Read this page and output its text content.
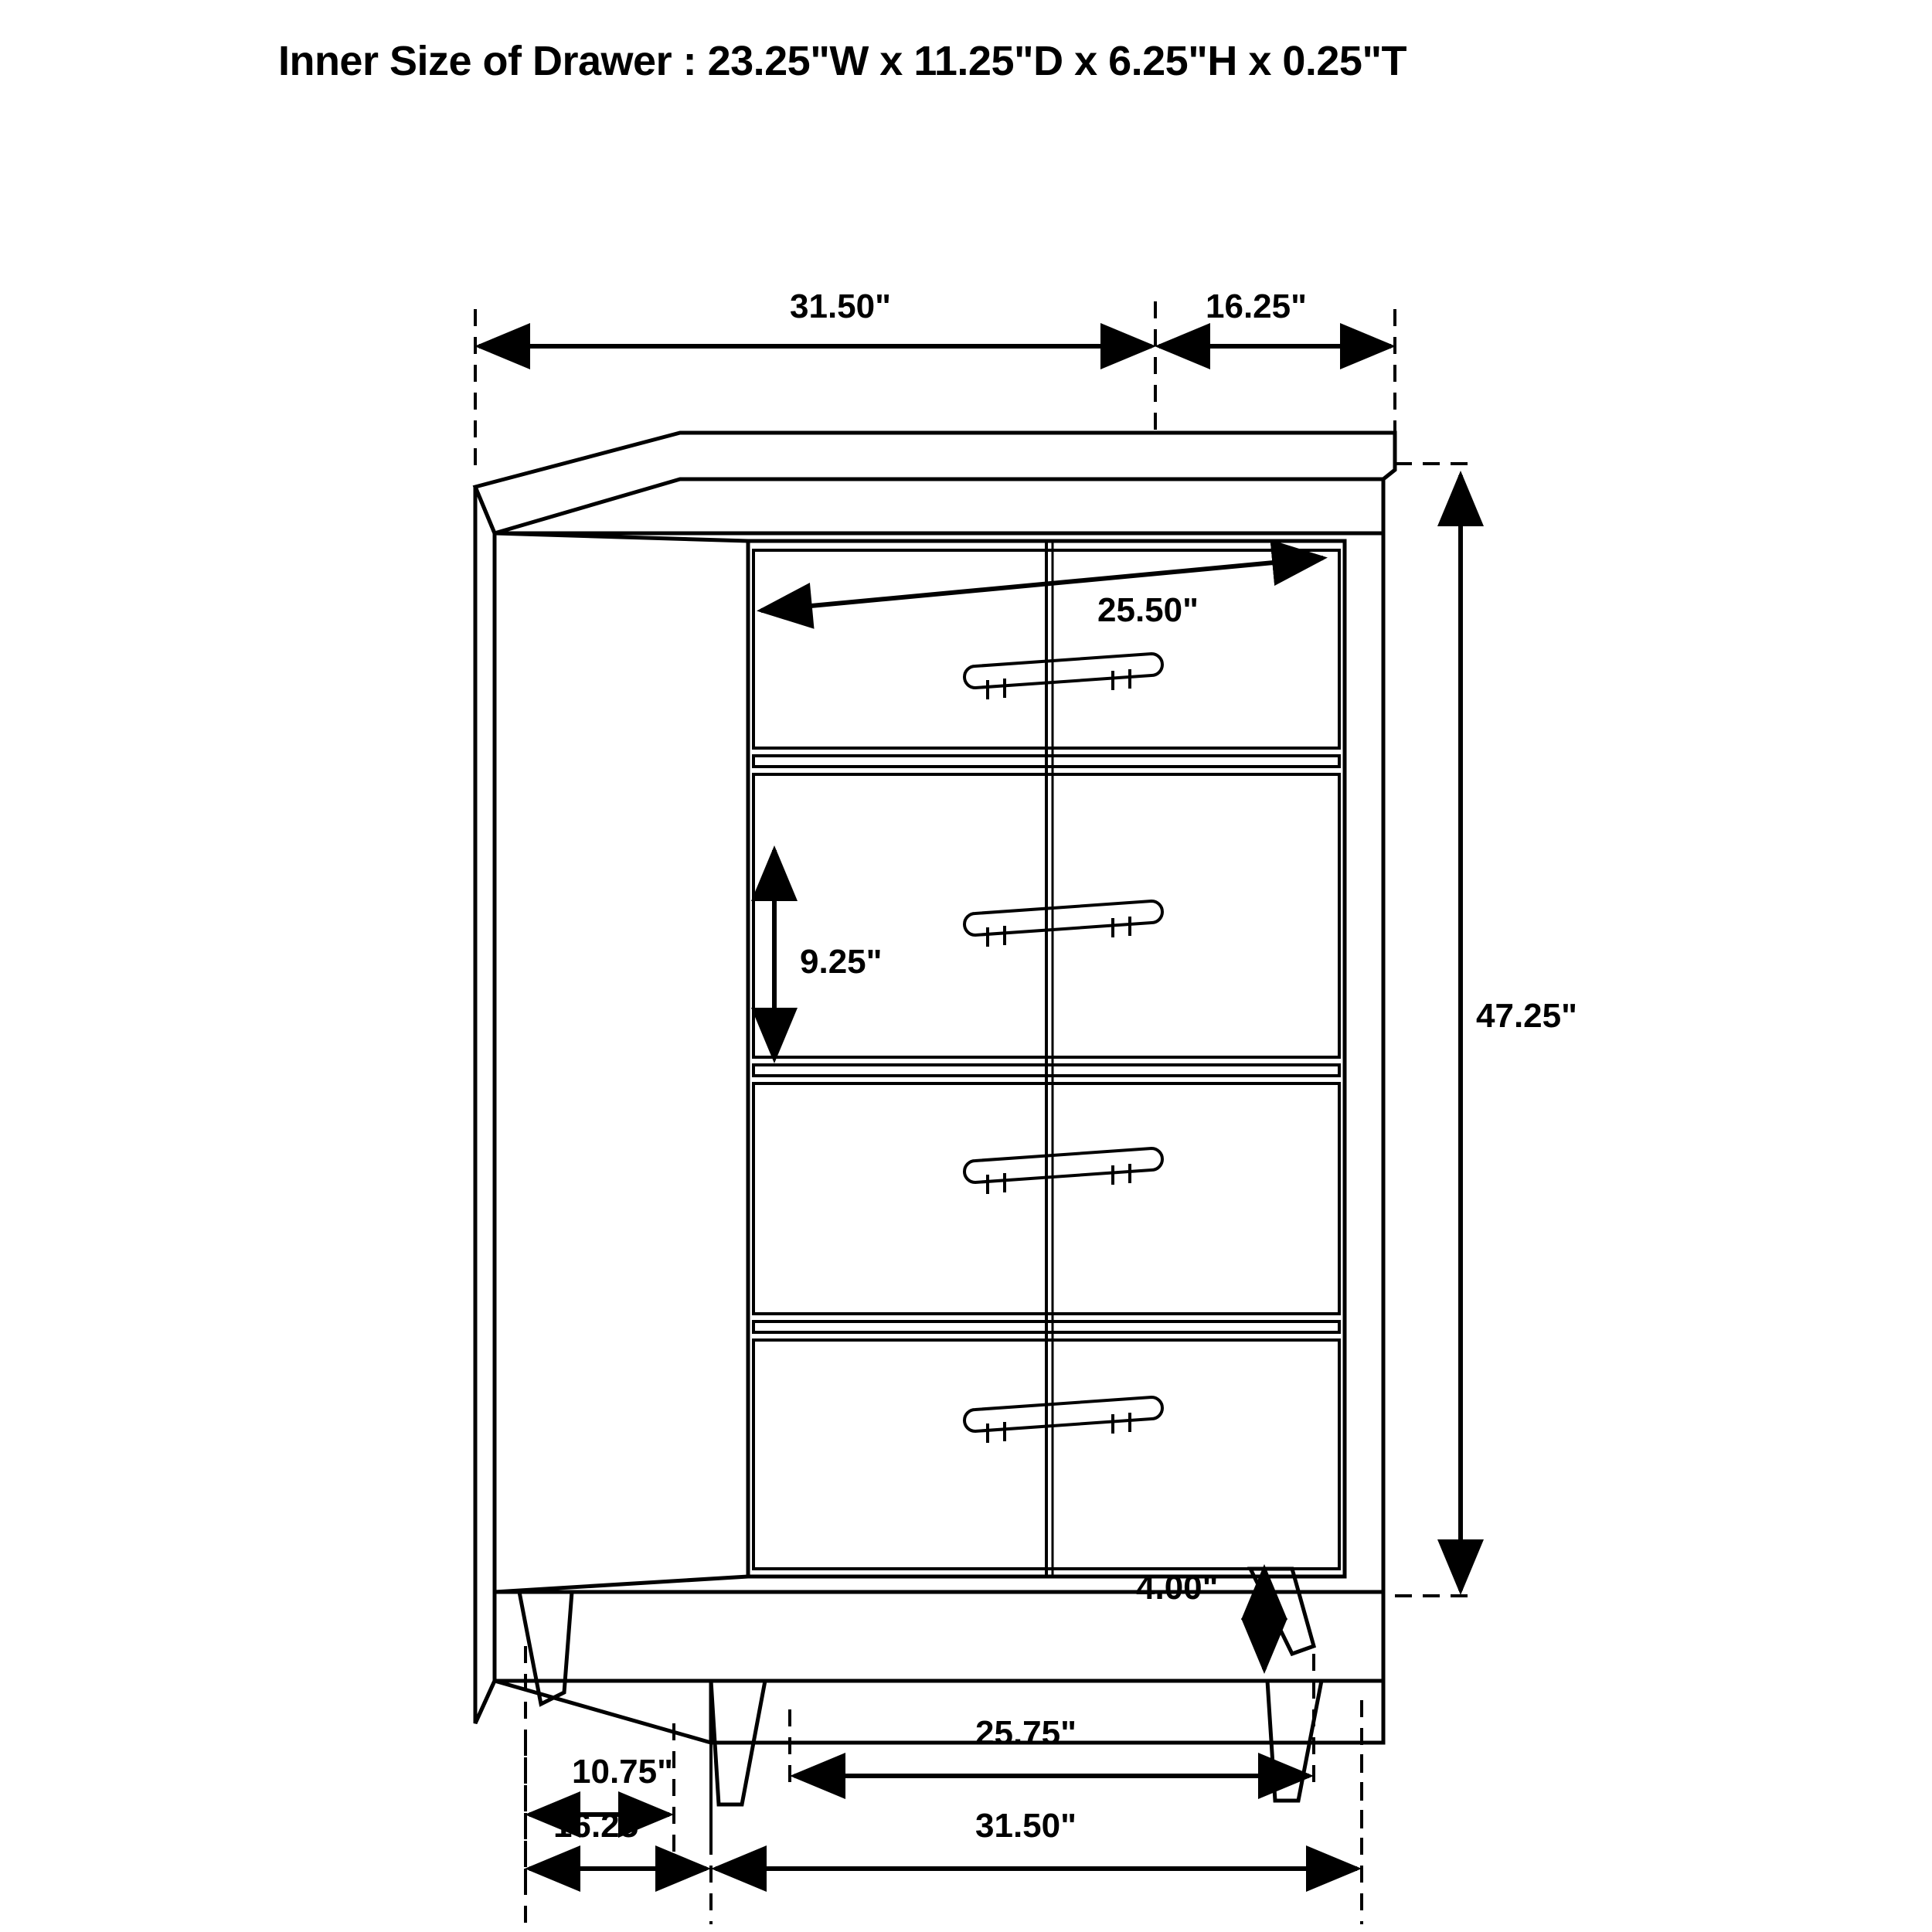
Inner Size of Drawer : 23.25"W x 11.25"D x 6.25"H x 0.25"T
31.50"	16.25"
25.50"
9.25"
47.25"
4.00"
10.75"
25.75"
16.25"	31.50"
